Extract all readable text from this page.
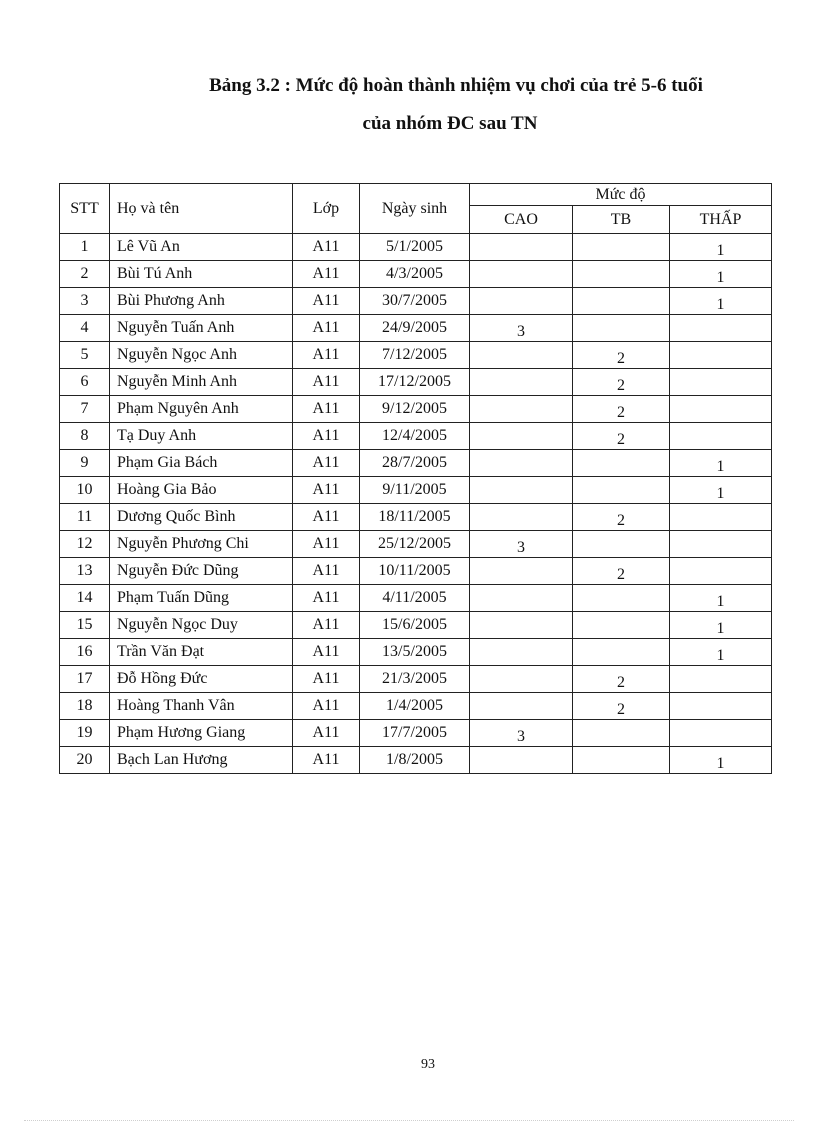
Bảng 3.2 : Mức độ hoàn thành nhiệm vụ chơi của trẻ 5-6 tuổi
của nhóm ĐC sau TN
STT	Họ và tên	Lớp	Ngày sinh	Mức độ		
				CAO	TB	THẤP
1	Lê Vũ An	A11	5/1/2005			1
2	Bùi Tú Anh	A11	4/3/2005			1
3	Bùi Phương Anh	A11	30/7/2005			1
4	Nguyễn Tuấn Anh	A11	24/9/2005	3		
5	Nguyễn Ngọc Anh	A11	7/12/2005		2	
6	Nguyễn Minh Anh	A11	17/12/2005		2	
7	Phạm Nguyên Anh	A11	9/12/2005		2	
8	Tạ Duy Anh	A11	12/4/2005		2	
9	Phạm Gia Bách	A11	28/7/2005			1
10	Hoàng Gia Bảo	A11	9/11/2005			1
11	Dương Quốc Bình	A11	18/11/2005		2	
12	Nguyễn Phương Chi	A11	25/12/2005	3		
13	Nguyễn Đức Dũng	A11	10/11/2005		2	
14	Phạm Tuấn Dũng	A11	4/11/2005			1
15	Nguyễn Ngọc Duy	A11	15/6/2005			1
16	Trần Văn Đạt	A11	13/5/2005			1
17	Đỗ Hồng Đức	A11	21/3/2005		2	
18	Hoàng Thanh Vân	A11	1/4/2005		2	
19	Phạm Hương Giang	A11	17/7/2005	3		
20	Bạch Lan Hương	A11	1/8/2005			1
93
